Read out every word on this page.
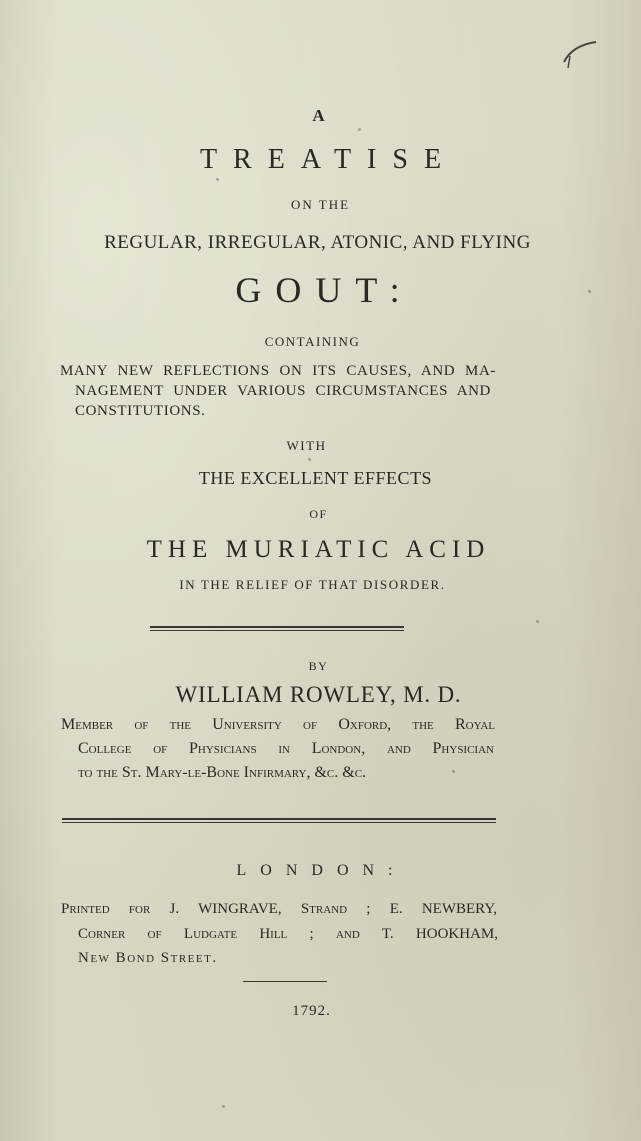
A
TREATISE
ON THE
REGULAR, IRREGULAR, ATONIC, AND FLYING
GOUT:
CONTAINING
MANY NEW REFLECTIONS ON ITS CAUSES, AND MA-
NAGEMENT UNDER VARIOUS CIRCUMSTANCES AND
CONSTITUTIONS.
WITH
THE EXCELLENT EFFECTS
OF
THE MURIATIC ACID
IN THE RELIEF OF THAT DISORDER.
BY
WILLIAM ROWLEY, M. D.
Member of the University of Oxford, the Royal
College of Physicians in London, and Physician
to the St. Mary-le-Bone Infirmary, &c. &c.
LONDON:
Printed for J. WINGRAVE, Strand ; E. NEWBERY,
Corner of Ludgate Hill ; and T. HOOKHAM,
New Bond Street.
1792.
